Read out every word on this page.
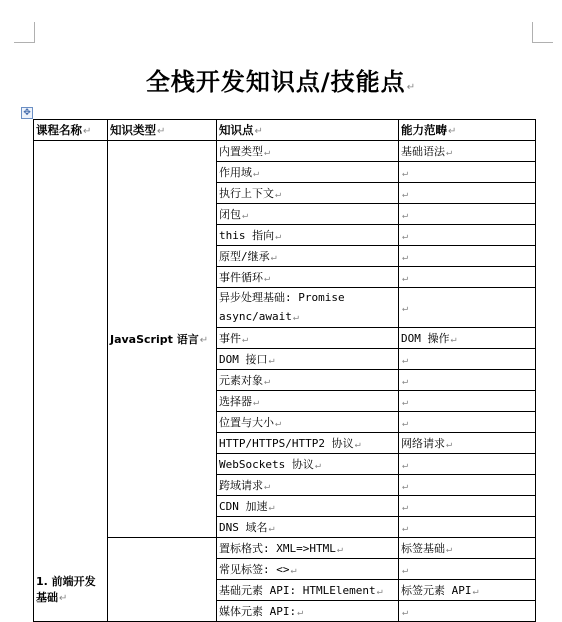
全栈开发知识点/技能点↵
✥
课程名称↵	知识类型↵	知识点↵	能力范畴↵
1. 前端开发基础↵	JavaScript 语言↵	内置类型↵	基础语法↵
		作用域↵	↵
		执行上下文↵	↵
		闭包↵	↵
		this 指向↵	↵
		原型/继承↵	↵
		事件循环↵	↵
		异步处理基础: Promise async/await↵	↵
		事件↵	DOM 操作↵
		DOM 接口↵	↵
		元素对象↵	↵
		选择器↵	↵
		位置与大小↵	↵
		HTTP/HTTPS/HTTP2 协议↵	网络请求↵
		WebSockets 协议↵	↵
		跨域请求↵	↵
		CDN 加速↵	↵
		DNS 域名↵	↵
		置标格式: XML=>HTML↵	标签基础↵
		常见标签: <>↵	↵
		基础元素 API: HTMLElement↵	标签元素 API↵
		媒体元素 API:↵	↵
